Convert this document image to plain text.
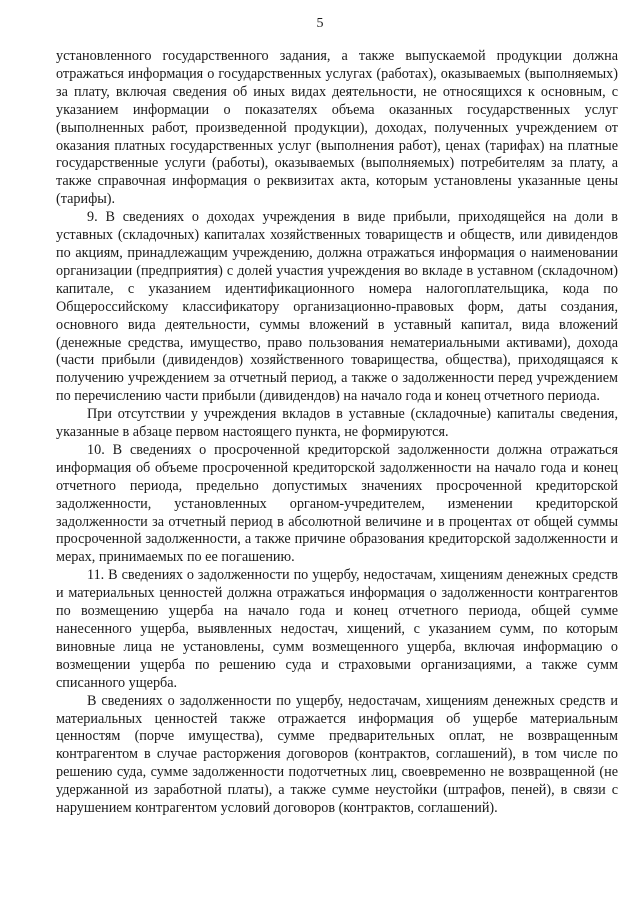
5

установленного государственного задания, а также выпускаемой продукции должна отражаться информация о государственных услугах (работах), оказываемых (выполняемых) за плату, включая сведения об иных видах деятельности, не относящихся к основным, с указанием информации о показателях объема оказанных государственных услуг (выполненных работ, произведенной продукции), доходах, полученных учреждением от оказания платных государственных услуг (выполнения работ), ценах (тарифах) на платные государственные услуги (работы), оказываемых (выполняемых) потребителям за плату, а также справочная информация о реквизитах акта, которым установлены указанные цены (тарифы).

9. В сведениях о доходах учреждения в виде прибыли, приходящейся на доли в уставных (складочных) капиталах хозяйственных товариществ и обществ, или дивидендов по акциям, принадлежащим учреждению, должна отражаться информация о наименовании организации (предприятия) с долей участия учреждения во вкладе в уставном (складочном) капитале, с указанием идентификационного номера налогоплательщика, кода по Общероссийскому классификатору организационно-правовых форм, даты создания, основного вида деятельности, суммы вложений в уставный капитал, вида вложений (денежные средства, имущество, право пользования нематериальными активами), дохода (части прибыли (дивидендов) хозяйственного товарищества, общества), приходящаяся к получению учреждением за отчетный период, а также о задолженности перед учреждением по перечислению части прибыли (дивидендов) на начало года и конец отчетного периода.

При отсутствии у учреждения вкладов в уставные (складочные) капиталы сведения, указанные в абзаце первом настоящего пункта, не формируются.

10. В сведениях о просроченной кредиторской задолженности должна отражаться информация об объеме просроченной кредиторской задолженности на начало года и конец отчетного периода, предельно допустимых значениях просроченной кредиторской задолженности, установленных органом-учредителем, изменении кредиторской задолженности за отчетный период в абсолютной величине и в процентах от общей суммы просроченной задолженности, а также причине образования кредиторской задолженности и мерах, принимаемых по ее погашению.

11. В сведениях о задолженности по ущербу, недостачам, хищениям денежных средств и материальных ценностей должна отражаться информация о задолженности контрагентов по возмещению ущерба на начало года и конец отчетного периода, общей сумме нанесенного ущерба, выявленных недостач, хищений, с указанием сумм, по которым виновные лица не установлены, сумм возмещенного ущерба, включая информацию о возмещении ущерба по решению суда и страховыми организациями, а также сумм списанного ущерба.

В сведениях о задолженности по ущербу, недостачам, хищениям денежных средств и материальных ценностей также отражается информация об ущербе материальным ценностям (порче имущества), сумме предварительных оплат, не возвращенным контрагентом в случае расторжения договоров (контрактов, соглашений), в том числе по решению суда, сумме задолженности подотчетных лиц, своевременно не возвращенной (не удержанной из заработной платы), а также сумме неустойки (штрафов, пеней), в связи с нарушением контрагентом условий договоров (контрактов, соглашений).
